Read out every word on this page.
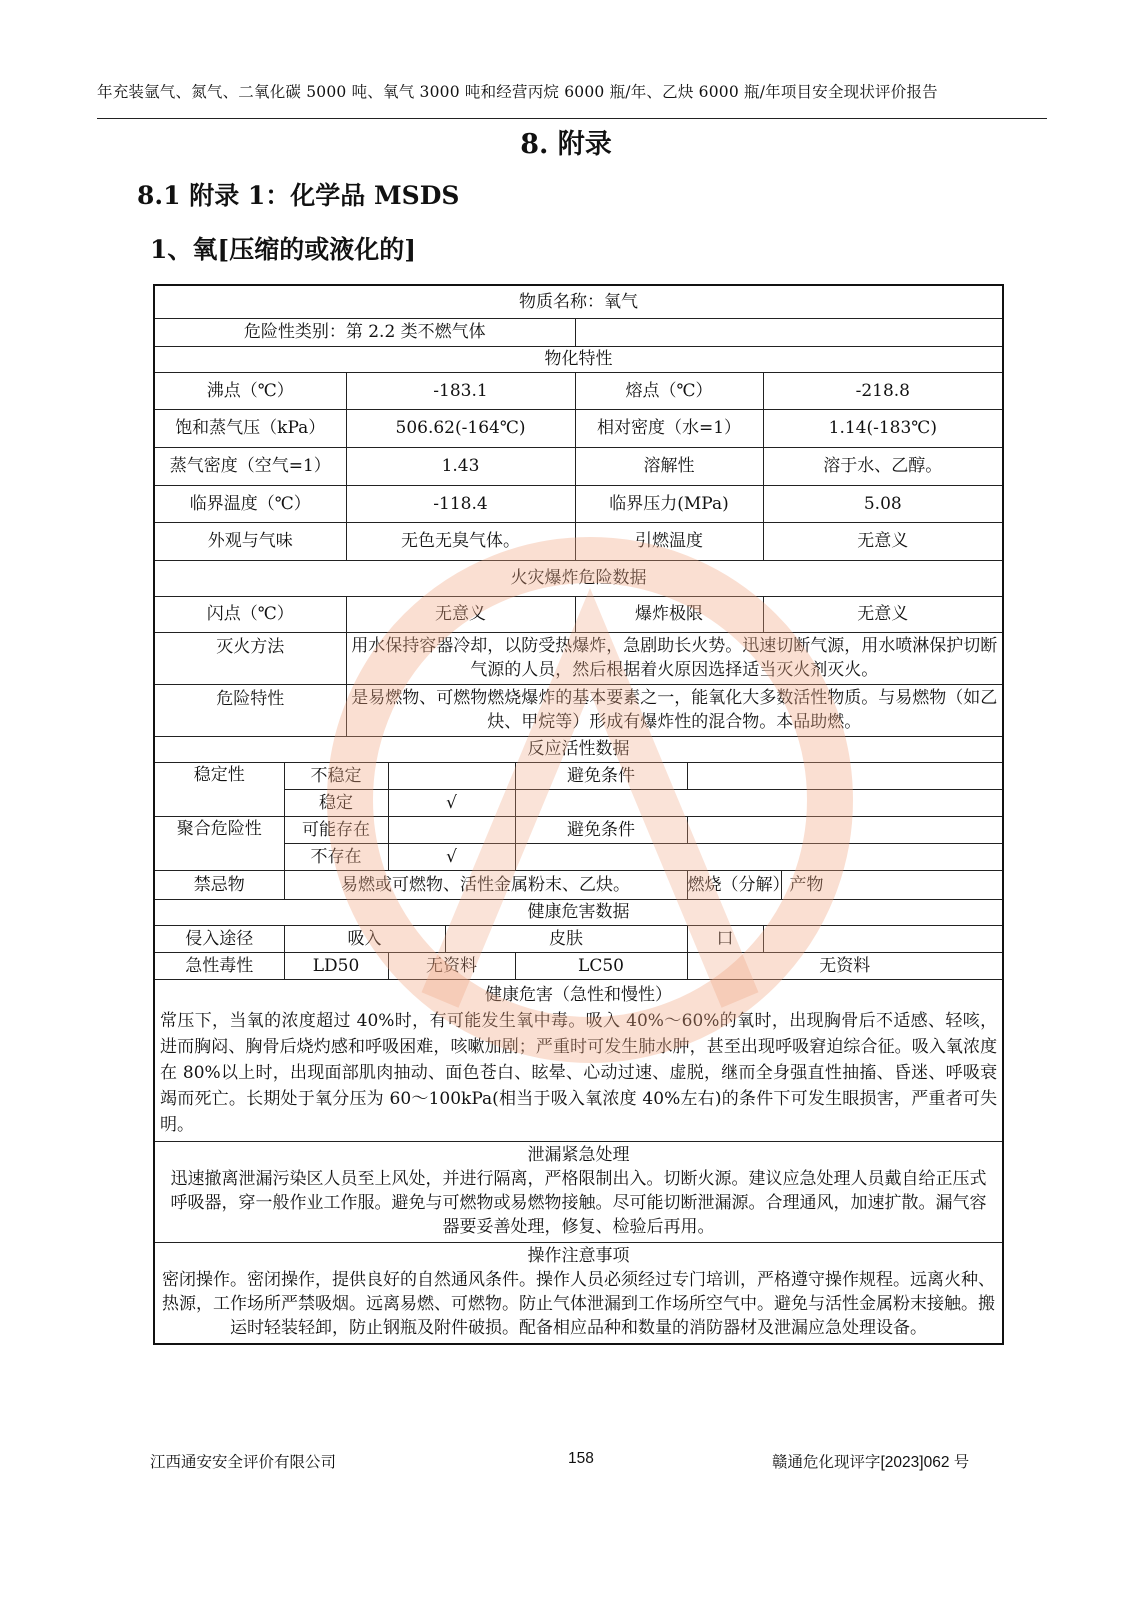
年充装氩气、氮气、二氧化碳 5000 吨、氧气 3000 吨和经营丙烷 6000 瓶/年、乙炔 6000 瓶/年项目安全现状评价报告
8. 附录
8.1 附录 1：化学品 MSDS
1、氧[压缩的或液化的]
物质名称：氧气									
危险性类别：第 2.2 类不燃气体									
物化特性									
沸点（℃）		-183.1				熔点（℃）		-218.8	
饱和蒸气压（kPa）		506.62(-164℃)				相对密度（水=1）		1.14(-183℃)	
蒸气密度（空气=1）		1.43				溶解性		溶于水、乙醇。	
临界温度（℃）		-118.4				临界压力(MPa)		5.08	
外观与气味		无色无臭气体。				引燃温度		无意义	
火灾爆炸危险数据									
闪点（℃）		无意义				爆炸极限		无意义	
灭火方法		用水保持容器冷却，以防受热爆炸，急剧助长火势。迅速切断气源，用水喷淋保护切断气源的人员，然后根据着火原因选择适当灭火剂灭火。							
危险特性		是易燃物、可燃物燃烧爆炸的基本要素之一，能氧化大多数活性物质。与易燃物（如乙炔、甲烷等）形成有爆炸性的混合物。本品助燃。							
反应活性数据									
稳定性	不稳定				避免条件				
	稳定		√						
聚合危险性	可能存在				避免条件				
	不存在		√						
禁忌物	易燃或可燃物、活性金属粉末、乙炔。						燃烧（分解）产物		
健康危害数据									
侵入途径	吸入			皮肤			口		
急性毒性	LD50		无资料		LC50		无资料		

健康危害（急性和慢性）
常压下，当氧的浓度超过 40%时，有可能发生氧中毒。吸入 40%～60%的氧时，出现胸骨后不适感、轻咳，进而胸闷、胸骨后烧灼感和呼吸困难，咳嗽加剧；严重时可发生肺水肿，甚至出现呼吸窘迫综合征。吸入氧浓度在 80%以上时，出现面部肌肉抽动、面色苍白、眩晕、心动过速、虚脱，继而全身强直性抽搐、昏迷、呼吸衰竭而死亡。长期处于氧分压为 60～100kPa(相当于吸入氧浓度 40%左右)的条件下可发生眼损害，严重者可失明。									

泄漏紧急处理
迅速撤离泄漏污染区人员至上风处，并进行隔离，严格限制出入。切断火源。建议应急处理人员戴自给正压式呼吸器，穿一般作业工作服。避免与可燃物或易燃物接触。尽可能切断泄漏源。合理通风，加速扩散。漏气容器要妥善处理，修复、检验后再用。									

操作注意事项
密闭操作。密闭操作，提供良好的自然通风条件。操作人员必须经过专门培训，严格遵守操作规程。远离火种、热源，工作场所严禁吸烟。远离易燃、可燃物。防止气体泄漏到工作场所空气中。避免与活性金属粉末接触。搬运时轻装轻卸，防止钢瓶及附件破损。配备相应品种和数量的消防器材及泄漏应急处理设备。									
江西通安安全评价有限公司	158	赣通危化现评字[2023]062 号
